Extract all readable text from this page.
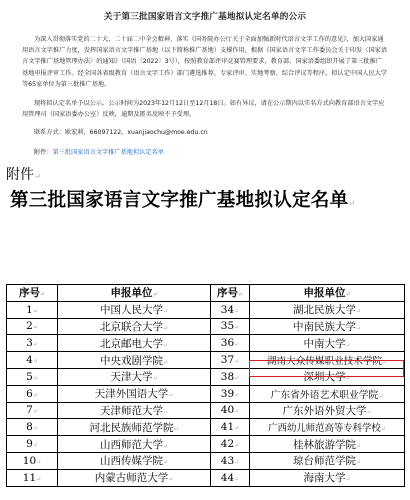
关于第三批国家语言文字推广基地拟认定名单的公示

为深入贯彻落实党的二十大、二十届二中全会精神，落实《国务院办公厅关于全面加强新时代语言文字工作的意见》，加大国家通用语言文字推广力度，发挥国家语言文字推广基地（以下简称推广基地）支撑作用，根据《国家语言文字工作委员会关于印发〈国家语言文字推广基地管理办法〉的通知》（国语〔2022〕3号），按照教育部评审竞赛管理要求，教育部、国家语委组织开展了第三批推广基地申报评审工作。经全国各省级教育（语言文字工作）部门遴选推荐、专家评审、实地考察、综合评议等程序，拟认定中国人民大学等65家单位为第三批推广基地。

现将拟认定名单予以公示。公示时间为2023年12月12日至12月18日。如有异议，请在公示期内以实名方式向教育部语言文字应用管理司（国家语委办公室）反映，逾期及匿名反映不予受理。

联系方式：耿宏莉，66097122，xuanjiaochu@moe.edu.cn

附件：第三批国家语言文字推广基地拟认定名单

附件↵
第三批国家语言文字推广基地拟认定名单↵
序号↵	申报单位↵	序号↵	申报单位↵
1↵	中国人民大学↵	34↵	湖北民族大学↵
2↵	北京联合大学↵	35↵	中南民族大学↵
3↵	北京邮电大学↵	36↵	中南大学↵
4↵	中央戏剧学院↵	37↵	湖南大众传媒职业技术学院↵
5↵	天津大学↵	38↵	深圳大学↵
6↵	天津外国语大学↵	39↵	广东省外语艺术职业学院↵
7↵	天津师范大学↵	40↵	广东外语外贸大学↵
8↵	河北民族师范学院↵	41↵	广西幼儿师范高等专科学校↵
9↵	山西师范大学↵	42↵	桂林旅游学院↵
10↵	山西传媒学院↵	43↵	琼台师范学院↵
11↵	内蒙古师范大学↵	44↵	海南大学↵
